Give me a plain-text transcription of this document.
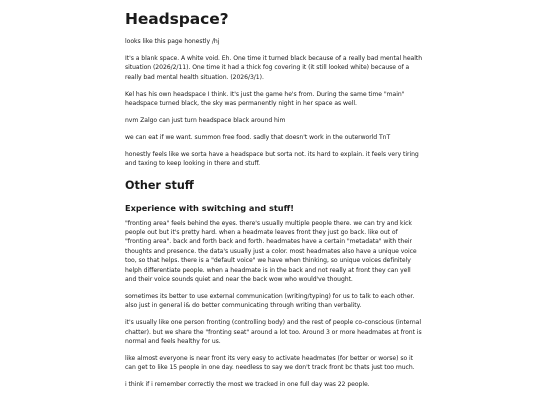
Headspace?

looks like this page honestly /hj

It's a blank space. A white void. Eh. One time it turned black because of a really bad mental health situation (2026/2/11). One time it had a thick fog covering it (it still looked white) because of a really bad mental health situation. (2026/3/1).

Kel has his own headspace I think. It's just the game he's from. During the same time "main" headspace turned black, the sky was permanently night in her space as well.

nvm Zalgo can just turn headspace black around him

we can eat if we want. summon free food. sadly that doesn't work in the outerworld TnT

honestly feels like we sorta have a headspace but sorta not. its hard to explain. it feels very tiring and taxing to keep looking in there and stuff.

Other stuff
Experience with switching and stuff!

"fronting area" feels behind the eyes. there's usually multiple people there. we can try and kick people out but it's pretty hard. when a headmate leaves front they just go back. like out of "fronting area". back and forth back and forth. headmates have a certain "metadata" with their thoughts and presence. the data's usually just a color. most headmates also have a unique voice too, so that helps. there is a "default voice" we have when thinking, so unique voices definitely helph differentiate people. when a headmate is in the back and not really at front they can yell and their voice sounds quiet and near the back wow who would've thought.

sometimes its better to use external communication (writing/typing) for us to talk to each other. also just in general i& do better communicating through writing than verbality.

it's usually like one person fronting (controlling body) and the rest of people co-conscious (internal chatter). but we share the "fronting seat" around a lot too. Around 3 or more headmates at front is normal and feels healthy for us.

like almost everyone is near front its very easy to activate headmates (for better or worse) so it can get to like 15 people in one day. needless to say we don't track front bc thats just too much.

i think if i remember correctly the most we tracked in one full day was 22 people.
